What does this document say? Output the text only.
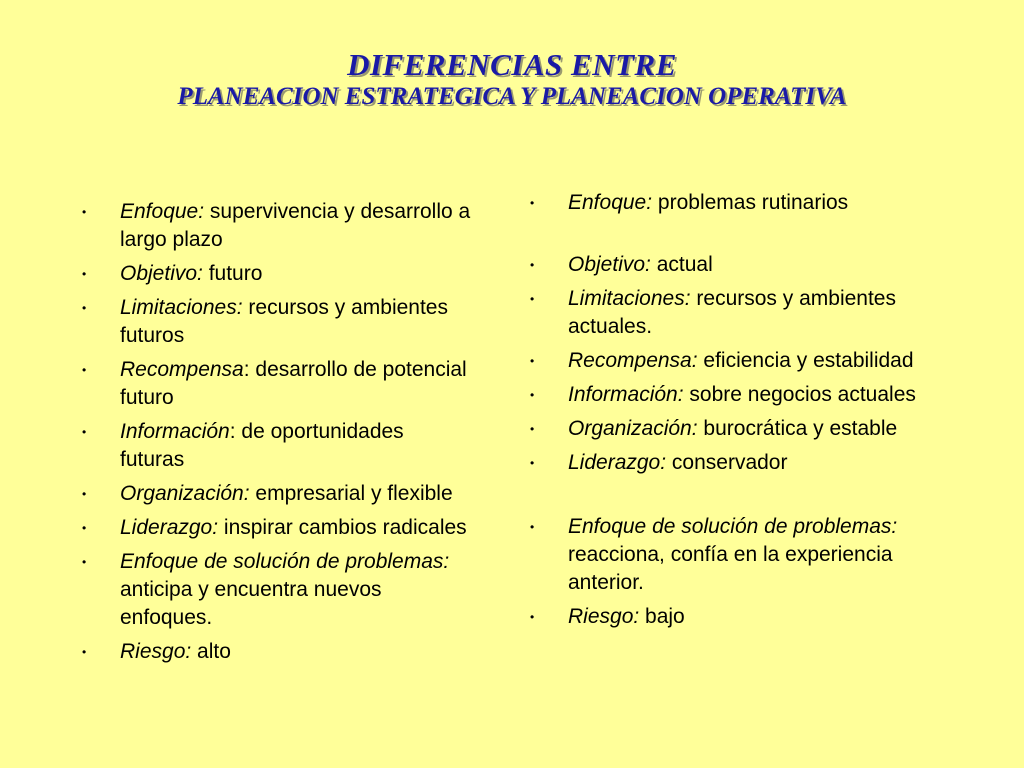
DIFERENCIAS ENTRE
PLANEACION ESTRATEGICA Y PLANEACION OPERATIVA

• Enfoque: supervivencia y desarrollo a largo plazo

• Objetivo: futuro

• Limitaciones: recursos y ambientes futuros

• Recompensa: desarrollo de potencial futuro

• Información: de oportunidades futuras

• Organización: empresarial y flexible

• Liderazgo: inspirar cambios radicales

• Enfoque de solución de problemas: anticipa y encuentra nuevos enfoques.

• Riesgo: alto

• Enfoque: problemas rutinarios

• Objetivo: actual

• Limitaciones: recursos y ambientes actuales.

• Recompensa: eficiencia y estabilidad

• Información: sobre negocios actuales

• Organización: burocrática y estable

• Liderazgo: conservador

• Enfoque de solución de problemas: reacciona, confía en la experiencia anterior.

• Riesgo: bajo
